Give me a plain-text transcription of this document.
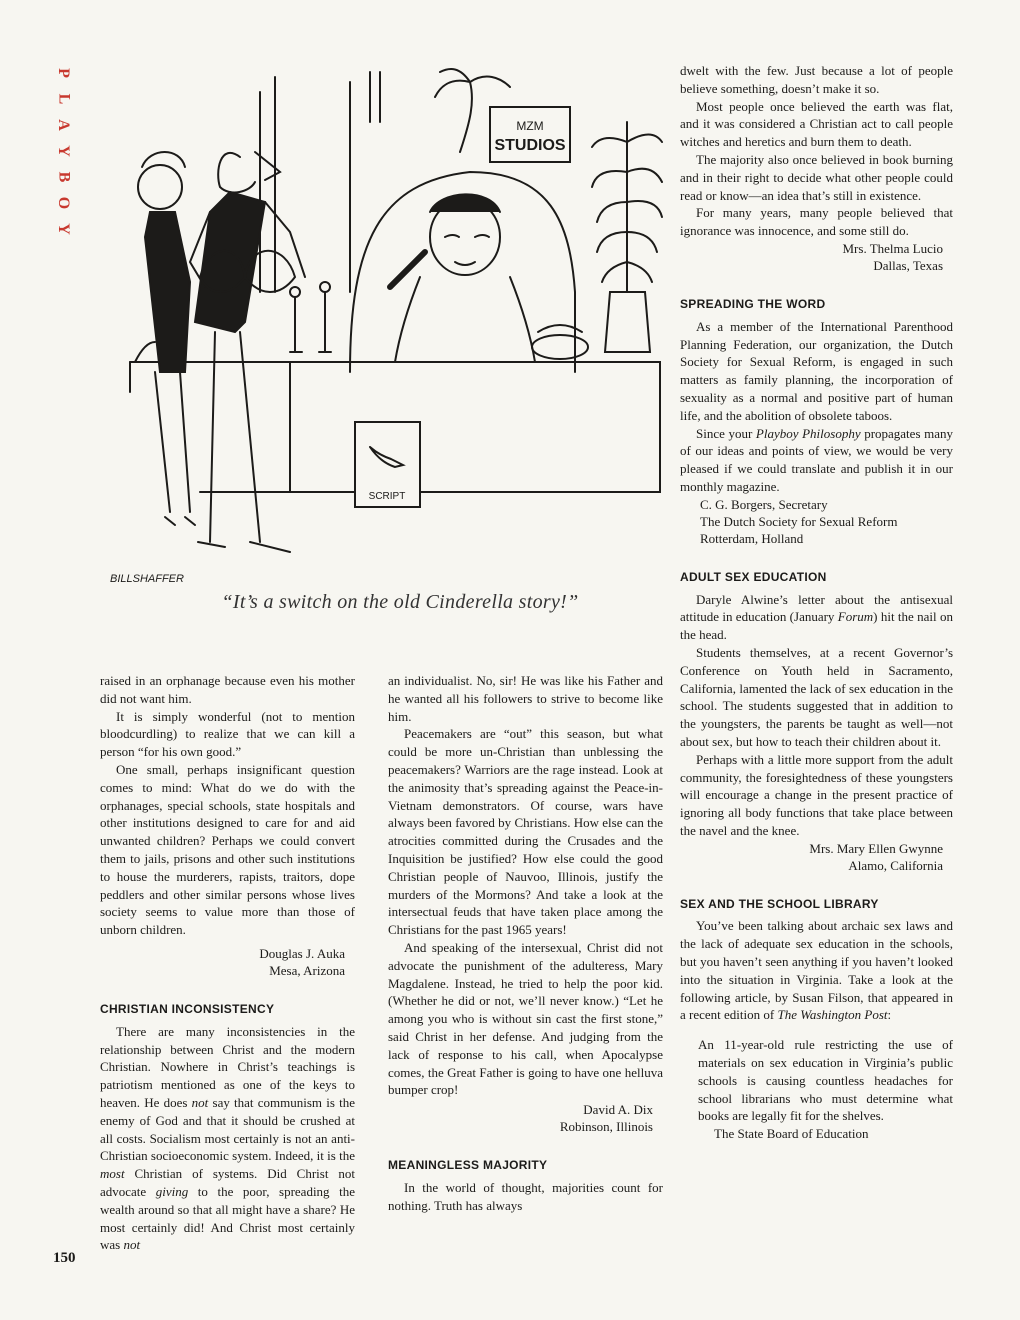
P
L
A
Y
B
O
Y
MZM
STUDIOS
SCRIPT
BILLSHAFFER
“It’s a switch on the old Cinderella story!”

raised in an orphanage because even his mother did not want him.

It is simply wonderful (not to mention bloodcurdling) to realize that we can kill a person “for his own good.”

One small, perhaps insignificant question comes to mind: What do we do with the orphanages, special schools, state hospitals and other institutions designed to care for and aid unwanted children? Perhaps we could convert them to jails, prisons and other such institutions to house the murderers, rapists, traitors, dope peddlers and other similar persons whose lives society seems to value more than those of unborn children.

Douglas J. Auka

Mesa, Arizona

CHRISTIAN INCONSISTENCY

There are many inconsistencies in the relationship between Christ and the modern Christian. Nowhere in Christ’s teachings is patriotism mentioned as one of the keys to heaven. He does not say that communism is the enemy of God and that it should be crushed at all costs. Socialism most certainly is not an anti-Christian socioeconomic system. Indeed, it is the most Christian of systems. Did Christ not advocate giving to the poor, spreading the wealth around so that all might have a share? He most certainly did! And Christ most certainly was not

an individualist. No, sir! He was like his Father and he wanted all his followers to strive to become like him.

Peacemakers are “out” this season, but what could be more un-Christian than unblessing the peacemakers? Warriors are the rage instead. Look at the animosity that’s spreading against the Peace-in-Vietnam demonstrators. Of course, wars have always been favored by Christians. How else can the atrocities committed during the Crusades and the Inquisition be justified? How else could the good Christian people of Nauvoo, Illinois, justify the murders of the Mormons? And take a look at the intersectual feuds that have taken place among the Christians for the past 1965 years!

And speaking of the intersexual, Christ did not advocate the punishment of the adulteress, Mary Magdalene. Instead, he tried to help the poor kid. (Whether he did or not, we’ll never know.) “Let he among you who is without sin cast the first stone,” said Christ in her defense. And judging from the lack of response to his call, when Apocalypse comes, the Great Father is going to have one helluva bumper crop!

David A. Dix

Robinson, Illinois

MEANINGLESS MAJORITY

In the world of thought, majorities count for nothing. Truth has always

dwelt with the few. Just because a lot of people believe something, doesn’t make it so.

Most people once believed the earth was flat, and it was considered a Christian act to call people witches and heretics and burn them to death.

The majority also once believed in book burning and in their right to decide what other people could read or know—an idea that’s still in existence.

For many years, many people believed that ignorance was innocence, and some still do.

Mrs. Thelma Lucio

Dallas, Texas

SPREADING THE WORD

As a member of the International Parenthood Planning Federation, our organization, the Dutch Society for Sexual Reform, is engaged in such matters as family planning, the incorporation of sexuality as a normal and positive part of human life, and the abolition of obsolete taboos.

Since your Playboy Philosophy propagates many of our ideas and points of view, we would be very pleased if we could translate and publish it in our monthly magazine.

C. G. Borgers, Secretary

The Dutch Society for Sexual Reform

Rotterdam, Holland

ADULT SEX EDUCATION

Daryle Alwine’s letter about the antisexual attitude in education (January Forum) hit the nail on the head.

Students themselves, at a recent Governor’s Conference on Youth held in Sacramento, California, lamented the lack of sex education in the school. The students suggested that in addition to the youngsters, the parents be taught as well—not about sex, but how to teach their children about it.

Perhaps with a little more support from the adult community, the foresightedness of these youngsters will encourage a change in the present practice of ignoring all body functions that take place between the navel and the knee.

Mrs. Mary Ellen Gwynne

Alamo, California

SEX AND THE SCHOOL LIBRARY

You’ve been talking about archaic sex laws and the lack of adequate sex education in the schools, but you haven’t seen anything if you haven’t looked into the situation in Virginia. Take a look at the following article, by Susan Filson, that appeared in a recent edition of The Washington Post:

An 11-year-old rule restricting the use of materials on sex education in Virginia’s public schools is causing countless headaches for school librarians who must determine what books are legally fit for the shelves.

The State Board of Education

150
